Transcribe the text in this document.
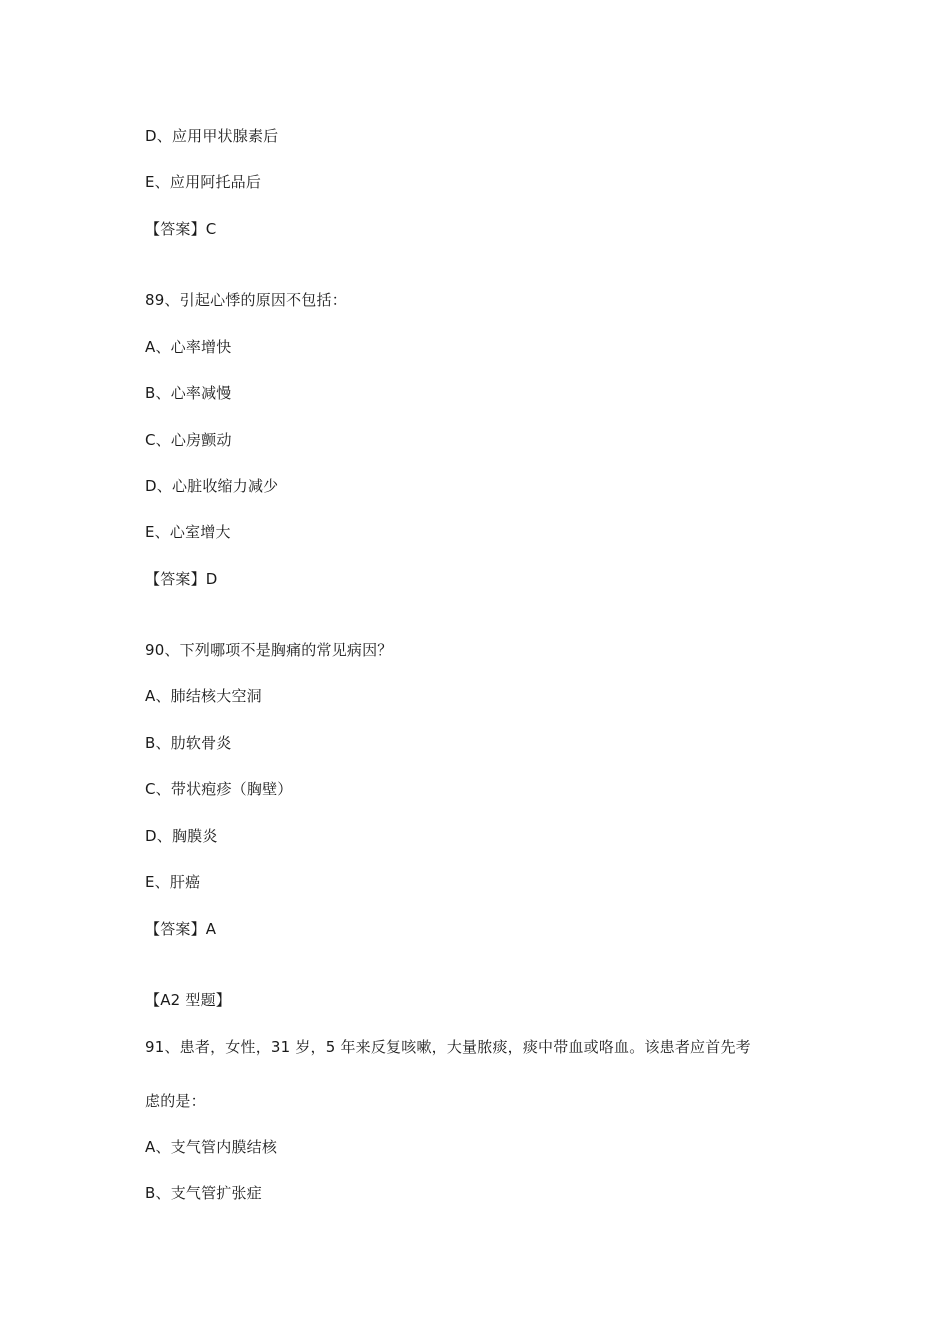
D、应用甲状腺素后
E、应用阿托品后
【答案】C
89、引起心悸的原因不包括：
A、心率增快
B、心率减慢
C、心房颤动
D、心脏收缩力减少
E、心室增大
【答案】D
90、下列哪项不是胸痛的常见病因？
A、肺结核大空洞
B、肋软骨炎
C、带状疱疹（胸壁）
D、胸膜炎
E、肝癌
【答案】A
【A2 型题】
91、患者，女性，31 岁，5 年来反复咳嗽，大量脓痰，痰中带血或咯血。该患者应首先考
虑的是：
A、支气管内膜结核
B、支气管扩张症
